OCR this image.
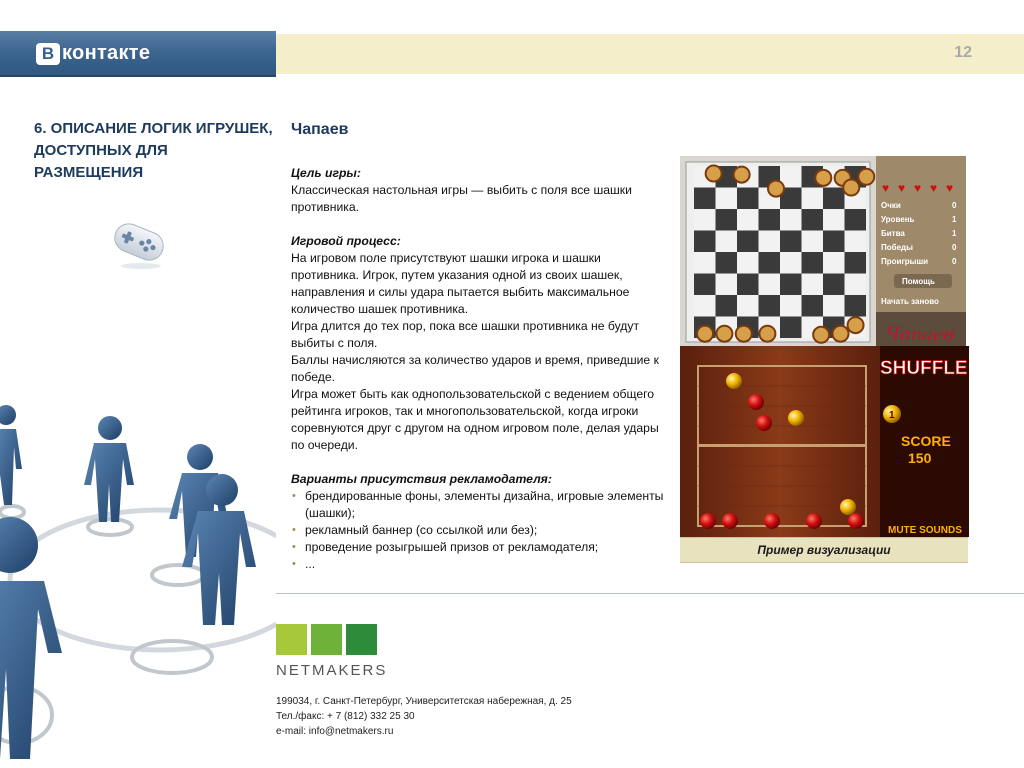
В контакте	12
6. ОПИСАНИЕ ЛОГИК ИГРУШЕК, ДОСТУПНЫХ ДЛЯ РАЗМЕЩЕНИЯ
Чапаев

Цель игры:

Классическая настольная игры — выбить с поля все шашки противника.

Игровой процесс:

На игровом поле присутствуют шашки игрока и шашки противника. Игрок, путем указания одной из своих шашек, направления и силы удара пытается выбить максимальное количество шашек противника.

Игра длится до тех пор, пока все шашки противника не будут выбиты с поля.

Баллы начисляются за количество ударов и время, приведшие к победе.

Игра может быть как однопользовательской с ведением общего рейтинга игроков, так и многопользовательской, когда игроки соревнуются друг с другом на одном игровом поле, делая удары по очереди.

Варианты присутствия рекламодателя:

• брендированные фоны, элементы дизайна, игровые элементы (шашки);
• рекламный баннер (со ссылкой или без);
• проведение розыгрышей призов от рекламодателя;
• ...
♥ ♥ ♥ ♥ ♥
Очки
Уровень
Битва
Победы
Проигрыши
0
1
1
0
0
Помощь
Начать заново
Чапаев
SHUFFLE
1
SCORE
150
MUTE SOUNDS
Пример визуализации
NETMAKERS
199034, г. Санкт-Петербург, Университетская набережная, д. 25
Тел./факс: + 7 (812) 332 25 30
e-mail: info@netmakers.ru
